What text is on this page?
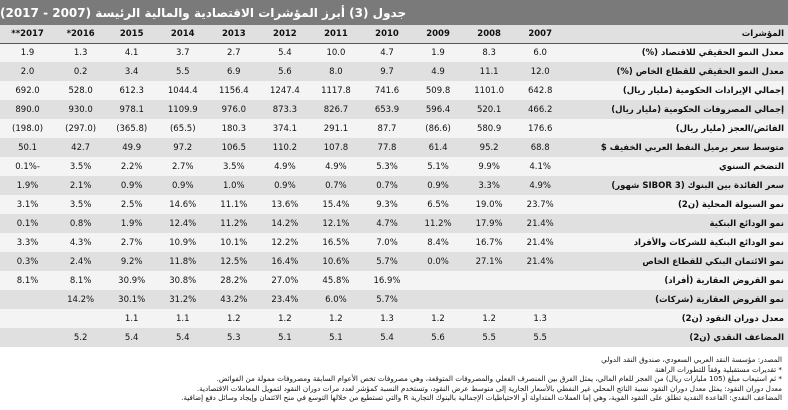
جدول (3) أبرز المؤشرات الاقتصادية والمالية الرئيسة (2007 - 2017)
المؤشرات	2007	2008	2009	2010	2011	2012	2013	2014	2015	2016*	2017**
معدل النمو الحقيقي للاقتصاد (%)	6.0	8.3	1.9	4.7	10.0	5.4	2.7	3.7	4.1	1.3	1.9
معدل النمو الحقيقي للقطاع الخاص (%)	12.0	11.1	4.9	9.7	8.0	5.6	6.9	5.5	3.4	0.2	2.0
إجمالي الإيرادات الحكومية (مليار ريال)	642.8	1101.0	509.8	741.6	1117.8	1247.4	1156.4	1044.4	612.3	528.0	692.0
إجمالي المصروفات الحكومية (مليار ريال)	466.2	520.1	596.4	653.9	826.7	873.3	976.0	1109.9	978.1	930.0	890.0
الفائض/العجز (مليار ريال)	176.6	580.9	(86.6)	87.7	291.1	374.1	180.3	(65.5)	(365.8)	(297.0)	(198.0)
متوسط سعر برميل النفط العربي الخفيف $	68.8	95.2	61.4	77.8	107.8	110.2	106.5	97.2	49.9	42.7	50.1
التضخم السنوي	4.1%	9.9%	5.1%	5.3%	4.9%	4.9%	3.5%	2.7%	2.2%	3.5%	-0.1%
سعر الفائدة بين البنوك (SIBOR 3 شهور)	4.9%	3.3%	0.9%	0.7%	0.7%	0.9%	1.0%	0.9%	0.9%	2.1%	1.9%
نمو السيولة المحلية (ن2)	23.7%	19.0%	6.5%	9.3%	15.4%	13.6%	11.1%	14.6%	2.5%	3.5%	3.1%
نمو الودائع البنكية	21.4%	17.9%	11.2%	4.7%	12.1%	14.2%	11.2%	12.4%	1.9%	0.8%	0.1%
نمو الودائع البنكية للشركات والأفراد	21.4%	16.7%	8.4%	7.0%	16.5%	12.2%	10.1%	10.9%	2.7%	4.3%	3.3%
نمو الائتمان البنكي للقطاع الخاص	21.4%	27.1%	0.0%	5.7%	10.6%	16.4%	12.5%	11.8%	9.2%	2.4%	0.3%
نمو القروض العقارية (أفراد)				16.9%	45.8%	27.0%	28.2%	30.8%	30.9%	8.1%	8.1%
نمو القروض العقارية (شركات)				5.7%	6.0%	23.4%	43.2%	31.2%	30.1%	14.2%	
معدل دوران النقود (ن2)	1.3	1.2	1.2	1.3	1.2	1.2	1.2	1.1	1.1		
المضاعف النقدي (ن2)	5.5	5.5	5.6	5.4	5.1	5.1	5.3	5.4	5.4	5.2	
المصدر: مؤسسة النقد العربي السعودي، صندوق النقد الدولي
* تقديرات مستقبلية وفقاً للتطورات الراهنة
* ثم استيعاب مبلغ (105 مليارات ريال) من العجز للعام المالي، يمثل الفرق بين المنصرف الفعلي والمصروفات المتوقعة، وهي مصروفات تخص الأعوام السابقة ومصروفات ممولة من الفوائض.
معدل دوران النقود: يمثل معدل دوران النقود نسبة الناتج المحلي غير النفطي بالأسعار الجارية إلى متوسط عرض النقود، وتستخدم النسبة كمؤشر لعدد مرات دوران النقود لتمويل المعاملات الاقتصادية.
المضاعف النقدي: القاعدة النقدية تطلق على النقود القوية، وهي إما العملات المتداولة أو الاحتياطيات الإجمالية بالبنوك التجارية R والتي تستطيع من خلالها التوسع في منح الائتمان وإيجاد وسائل دفع إضافية.
